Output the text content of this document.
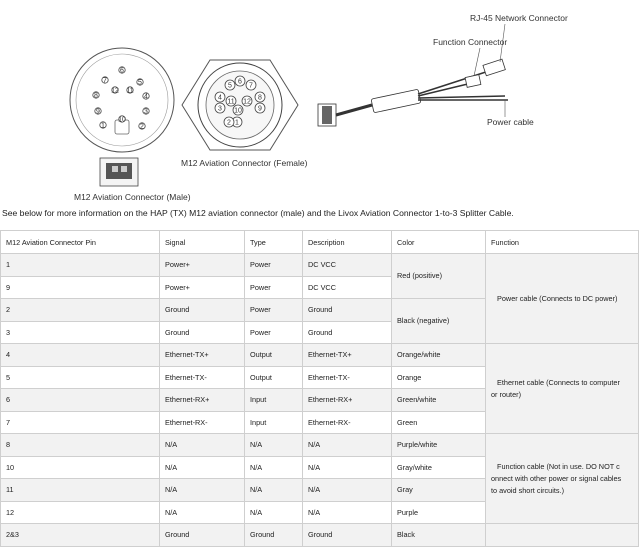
1	2
3
4
5
6
7
8
9
10
11
12
M12 Aviation Connector (Male)
1
2
3
4
5
6
7
8
9
10
11 12
M12 Aviation Connector (Female)
RJ-45 Network Connector
Function Connector
Power cable
See below for more information on the HAP (TX) M12 aviation connector (male) and the Livox Aviation Connector 1-to-3 Splitter Cable.
M12 Aviation Connector Pin	Signal	Type	Description	Color	Function
1	Power+	Power	DC VCC	Red (positive)	Power cable (Connects to DC power)
9	Power+	Power	DC VCC		
2	Ground	Power	Ground	Black (negative)	
3	Ground	Power	Ground		
4	Ethernet-TX+	Output	Ethernet-TX+	Orange/white	Ethernet cable (Connects to computer
or router)
5	Ethernet-TX-	Output	Ethernet-TX-	Orange	
6	Ethernet-RX+	Input	Ethernet-RX+	Green/white	
7	Ethernet-RX-	Input	Ethernet-RX-	Green	
8	N/A	N/A	N/A	Purple/white	Function cable (Not in use. DO NOT c
onnect with other power or signal cables
to avoid short circuits.)
10	N/A	N/A	N/A	Gray/white	
11	N/A	N/A	N/A	Gray	
12	N/A	N/A	N/A	Purple	
2&3	Ground	Ground	Ground	Black	
